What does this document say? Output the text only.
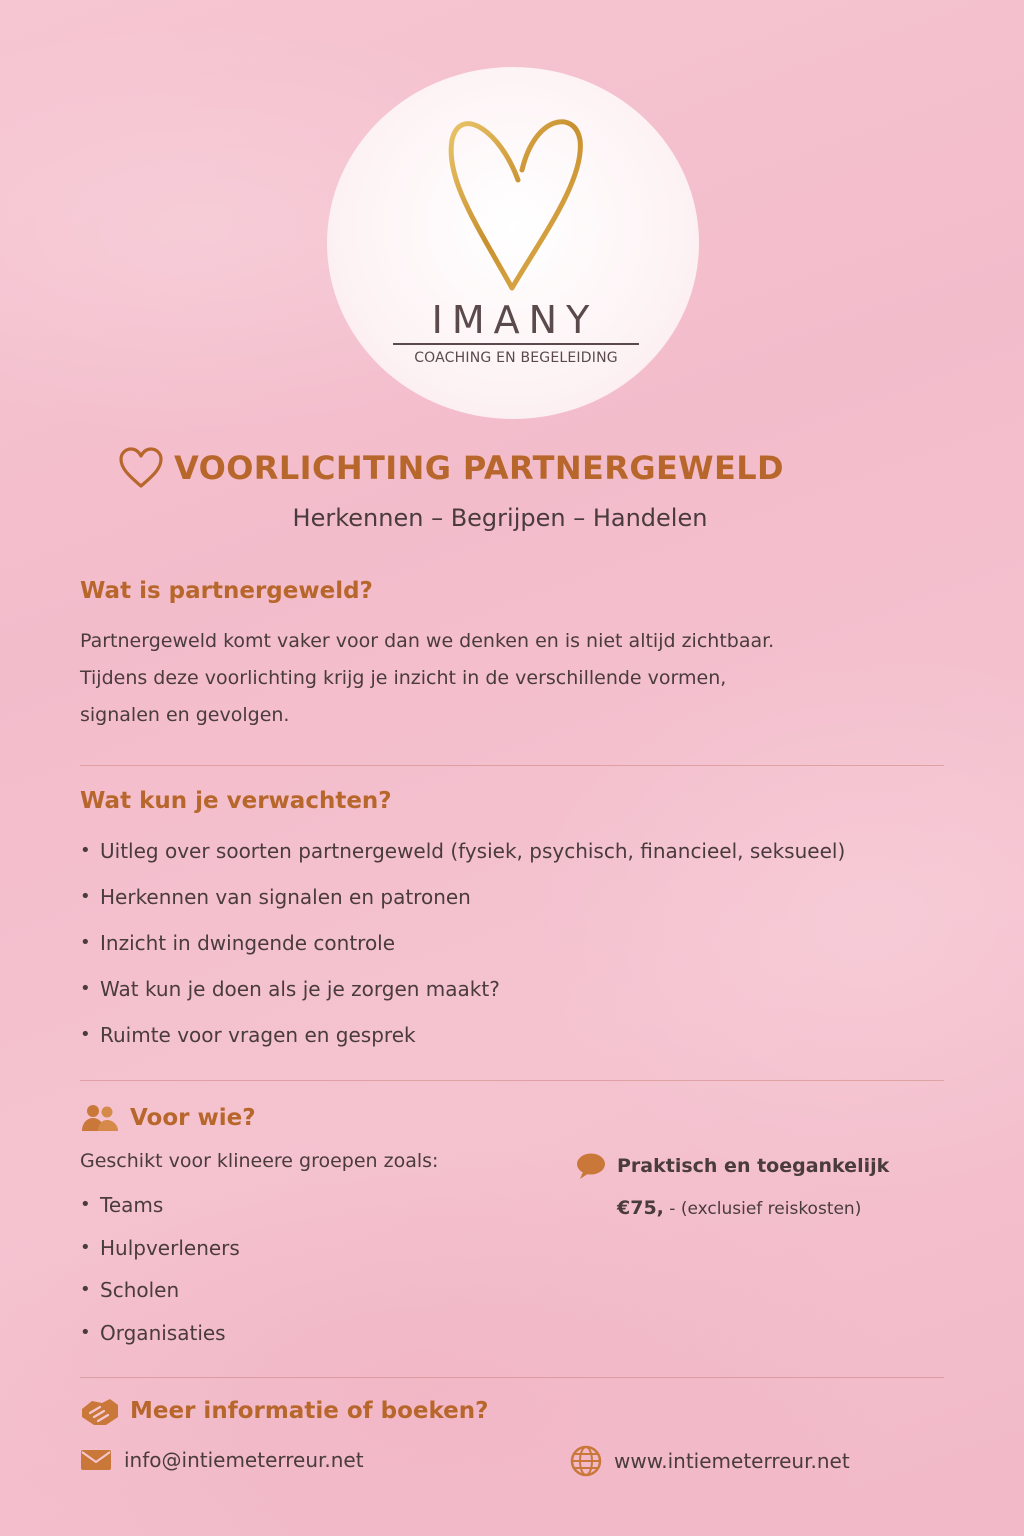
IMANY
COACHING EN BEGELEIDING
VOORLICHTING PARTNERGEWELD
Herkennen – Begrijpen – Handelen
Wat is partnergeweld?
Partnergeweld komt vaker voor dan we denken en is niet altijd zichtbaar.
Tijdens deze voorlichting krijg je inzicht in de verschillende vormen,
signalen en gevolgen.
Wat kun je verwachten?
• Uitleg over soorten partnergeweld (fysiek, psychisch, financieel, seksueel)
• Herkennen van signalen en patronen
• Inzicht in dwingende controle
• Wat kun je doen als je je zorgen maakt?
• Ruimte voor vragen en gesprek
Voor wie?
Geschikt voor klineere groepen zoals:
• Teams
• Hulpverleners
• Scholen
• Organisaties
Praktisch en toegankelijk
€75, - (exclusief reiskosten)
Meer informatie of boeken?
info@intiemeterreur.net	www.intiemeterreur.net
